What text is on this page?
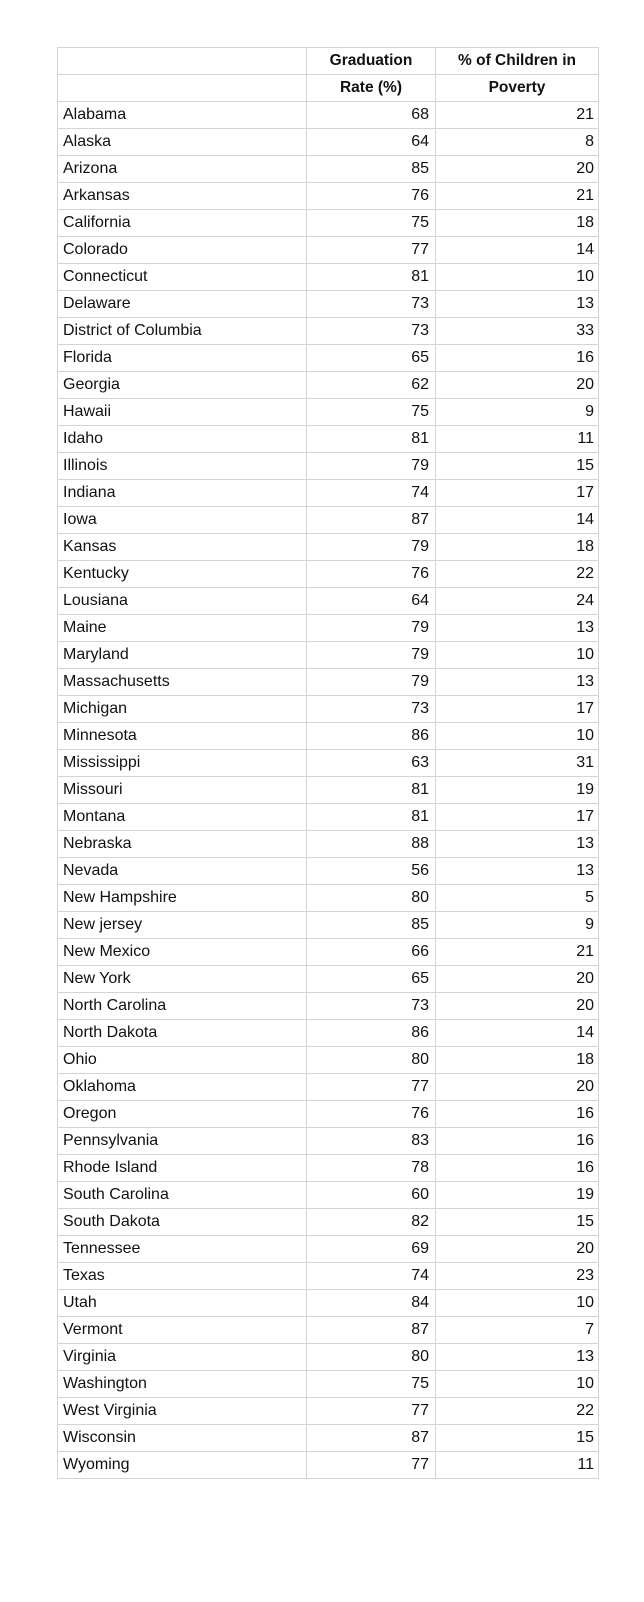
	Graduation	% of Children in
	Rate (%)	Poverty
Alabama	68	21
Alaska	64	8
Arizona	85	20
Arkansas	76	21
California	75	18
Colorado	77	14
Connecticut	81	10
Delaware	73	13
District of Columbia	73	33
Florida	65	16
Georgia	62	20
Hawaii	75	9
Idaho	81	11
Illinois	79	15
Indiana	74	17
Iowa	87	14
Kansas	79	18
Kentucky	76	22
Lousiana	64	24
Maine	79	13
Maryland	79	10
Massachusetts	79	13
Michigan	73	17
Minnesota	86	10
Mississippi	63	31
Missouri	81	19
Montana	81	17
Nebraska	88	13
Nevada	56	13
New Hampshire	80	5
New jersey	85	9
New Mexico	66	21
New York	65	20
North Carolina	73	20
North Dakota	86	14
Ohio	80	18
Oklahoma	77	20
Oregon	76	16
Pennsylvania	83	16
Rhode Island	78	16
South Carolina	60	19
South Dakota	82	15
Tennessee	69	20
Texas	74	23
Utah	84	10
Vermont	87	7
Virginia	80	13
Washington	75	10
West Virginia	77	22
Wisconsin	87	15
Wyoming	77	11
